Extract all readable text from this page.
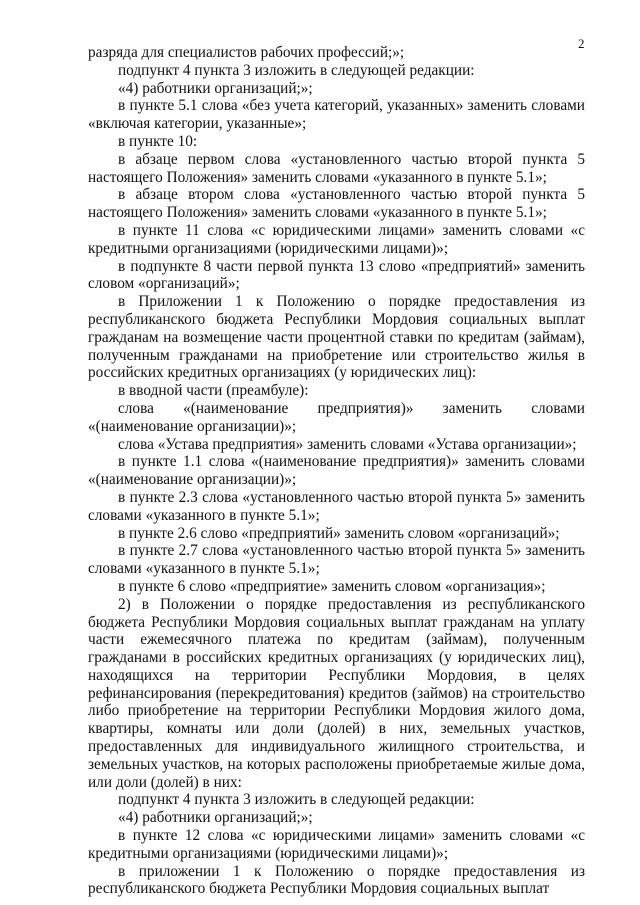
2

разряда для специалистов рабочих профессий;»;

подпункт 4 пункта 3 изложить в следующей редакции:

«4) работники организаций;»;

в пункте 5.1 слова «без учета категорий, указанных» заменить словами «включая категории, указанные»;

в пункте 10:

в абзаце первом слова «установленного частью второй пункта 5 настоящего Положения» заменить словами «указанного в пункте 5.1»;

в абзаце втором слова «установленного частью второй пункта 5 настоящего Положения» заменить словами «указанного в пункте 5.1»;

в пункте 11 слова «с юридическими лицами» заменить словами «с кредитными организациями (юридическими лицами)»;

в подпункте 8 части первой пункта 13 слово «предприятий» заменить словом «организаций»;

в Приложении 1 к Положению о порядке предоставления из республиканского бюджета Республики Мордовия социальных выплат гражданам на возмещение части процентной ставки по кредитам (займам), полученным гражданами на приобретение или строительство жилья в российских кредитных организациях (у юридических лиц):

в вводной части (преамбуле):

слова «(наименование предприятия)» заменить словами «(наименование организации)»;

слова «Устава предприятия» заменить словами «Устава организации»;

в пункте 1.1 слова «(наименование предприятия)» заменить словами «(наименование организации)»;

в пункте 2.3 слова «установленного частью второй пункта 5» заменить словами «указанного в пункте 5.1»;

в пункте 2.6 слово «предприятий» заменить словом «организаций»;

в пункте 2.7 слова «установленного частью второй пункта 5» заменить словами «указанного в пункте 5.1»;

в пункте 6 слово «предприятие» заменить словом «организация»;

2) в Положении о порядке предоставления из республиканского бюджета Республики Мордовия социальных выплат гражданам на уплату части ежемесячного платежа по кредитам (займам), полученным гражданами в российских кредитных организациях (у юридических лиц), находящихся на территории Республики Мордовия, в целях рефинансирования (перекредитования) кредитов (займов) на строительство либо приобретение на территории Республики Мордовия жилого дома, квартиры, комнаты или доли (долей) в них, земельных участков, предоставленных для индивидуального жилищного строительства, и земельных участков, на которых расположены приобретаемые жилые дома, или доли (долей) в них:

подпункт 4 пункта 3 изложить в следующей редакции:

«4) работники организаций;»;

в пункте 12 слова «с юридическими лицами» заменить словами «с кредитными организациями (юридическими лицами)»;

в приложении 1 к Положению о порядке предоставления из республиканского бюджета Республики Мордовия социальных выплат
